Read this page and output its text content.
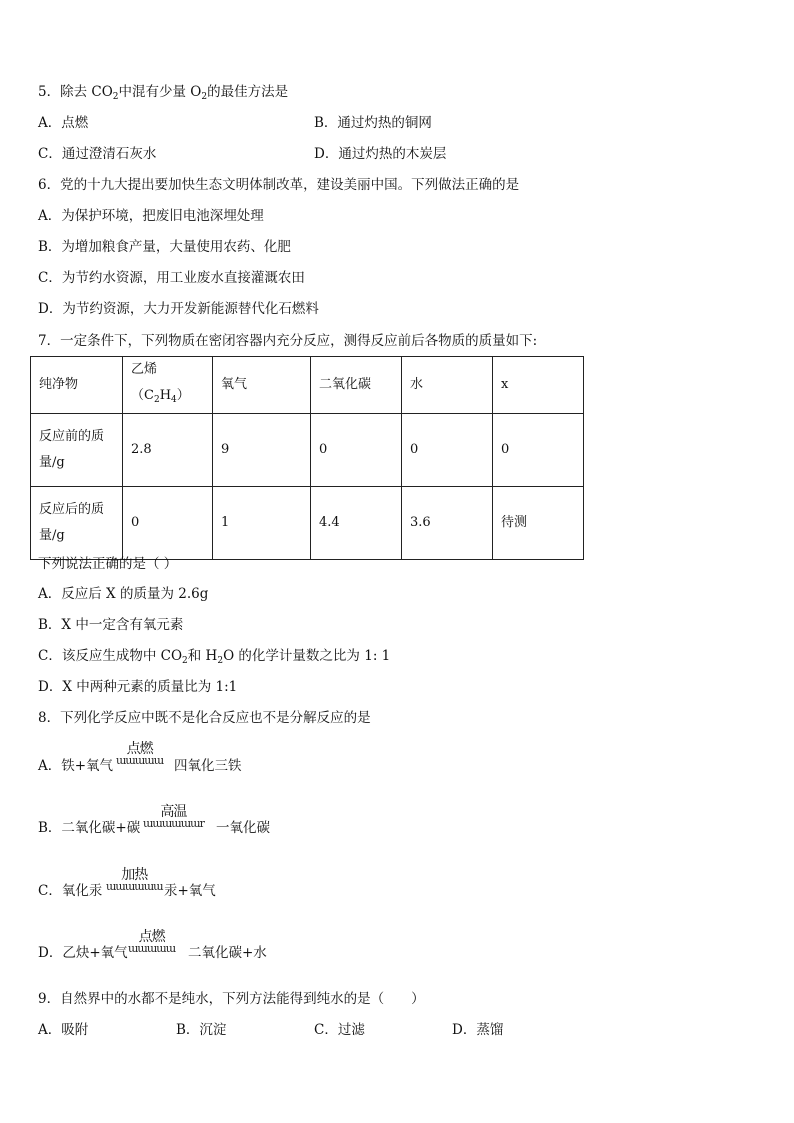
5．除去 $CO_2$中混有少量 $O_2$的最佳方法是
A．点燃	B．通过灼热的铜网
C．通过澄清石灰水	D．通过灼热的木炭层
6．党的十九大提出要加快生态文明体制改革，建设美丽中国。下列做法正确的是
A．为保护环境，把废旧电池深埋处理
B．为增加粮食产量，大量使用农药、化肥
C．为节约水资源，用工业废水直接灌溉农田
D．为节约资源，大力开发新能源替代化石燃料
7．一定条件下，下列物质在密闭容器内充分反应，测得反应前后各物质的质量如下:
纯净物	乙烯$(C_2H_4)$	氧气	二氧化碳	水	x
反应前的质
量/g	2.8	9	0	0	0
反应后的质
量/g	0	1	4.4	3.6	待测
下列说法正确的是（ ）
A．反应后 X 的质量为 2.6g
B．X 中一定含有氧元素
C．该反应生成物中 $CO_2$和 $H_2O$ 的化学计量数之比为 1: 1
D．X 中两种元素的质量比为 1:1
8．下列化学反应中既不是化合反应也不是分解反应的是
A．铁+氧气
点燃
ɯɯɯɯɯ 四氧化三铁
B．二氧化碳+碳
高温
ɯɯɯɯɯɯr 一氧化碳
C．氧化汞
加热
ɯɯɯɯɯɯ 汞+氧气
D．乙炔+氧气
点燃
ɯɯɯɯɯ 二氧化碳+水
9．自然界中的水都不是纯水，下列方法能得到纯水的是（　　）
A．吸附	B．沉淀	C．过滤	D．蒸馏
